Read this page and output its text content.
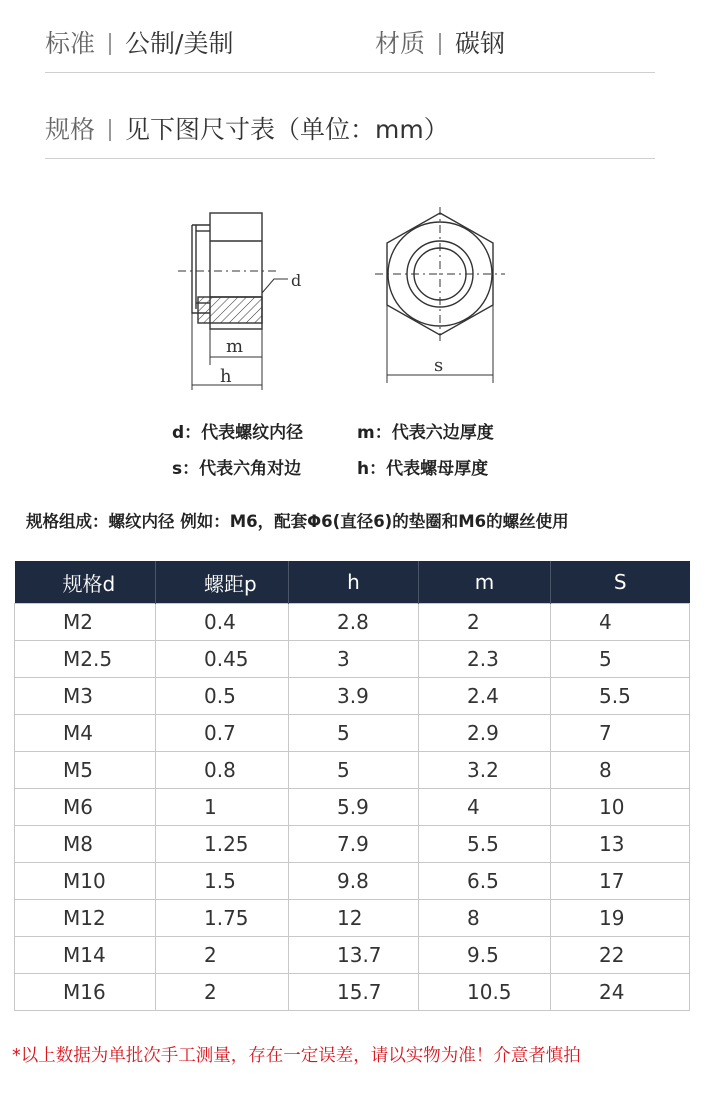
标准 公制/美制	材质 碳钢
规格 见下图尺寸表（单位：mm）
d
m
h
s
d：代表螺纹内径	m：代表六边厚度
s：代表六角对边	h：代表螺母厚度
规格组成：螺纹内径 例如：M6，配套Φ6(直径6)的垫圈和M6的螺丝使用
规格d	螺距p	h	m	S
M2	0.4	2.8	2	4
M2.5	0.45	3	2.3	5
M3	0.5	3.9	2.4	5.5
M4	0.7	5	2.9	7
M5	0.8	5	3.2	8
M6	1	5.9	4	10
M8	1.25	7.9	5.5	13
M10	1.5	9.8	6.5	17
M12	1.75	12	8	19
M14	2	13.7	9.5	22
M16	2	15.7	10.5	24
*以上数据为单批次手工测量，存在一定误差，请以实物为准！介意者慎拍
